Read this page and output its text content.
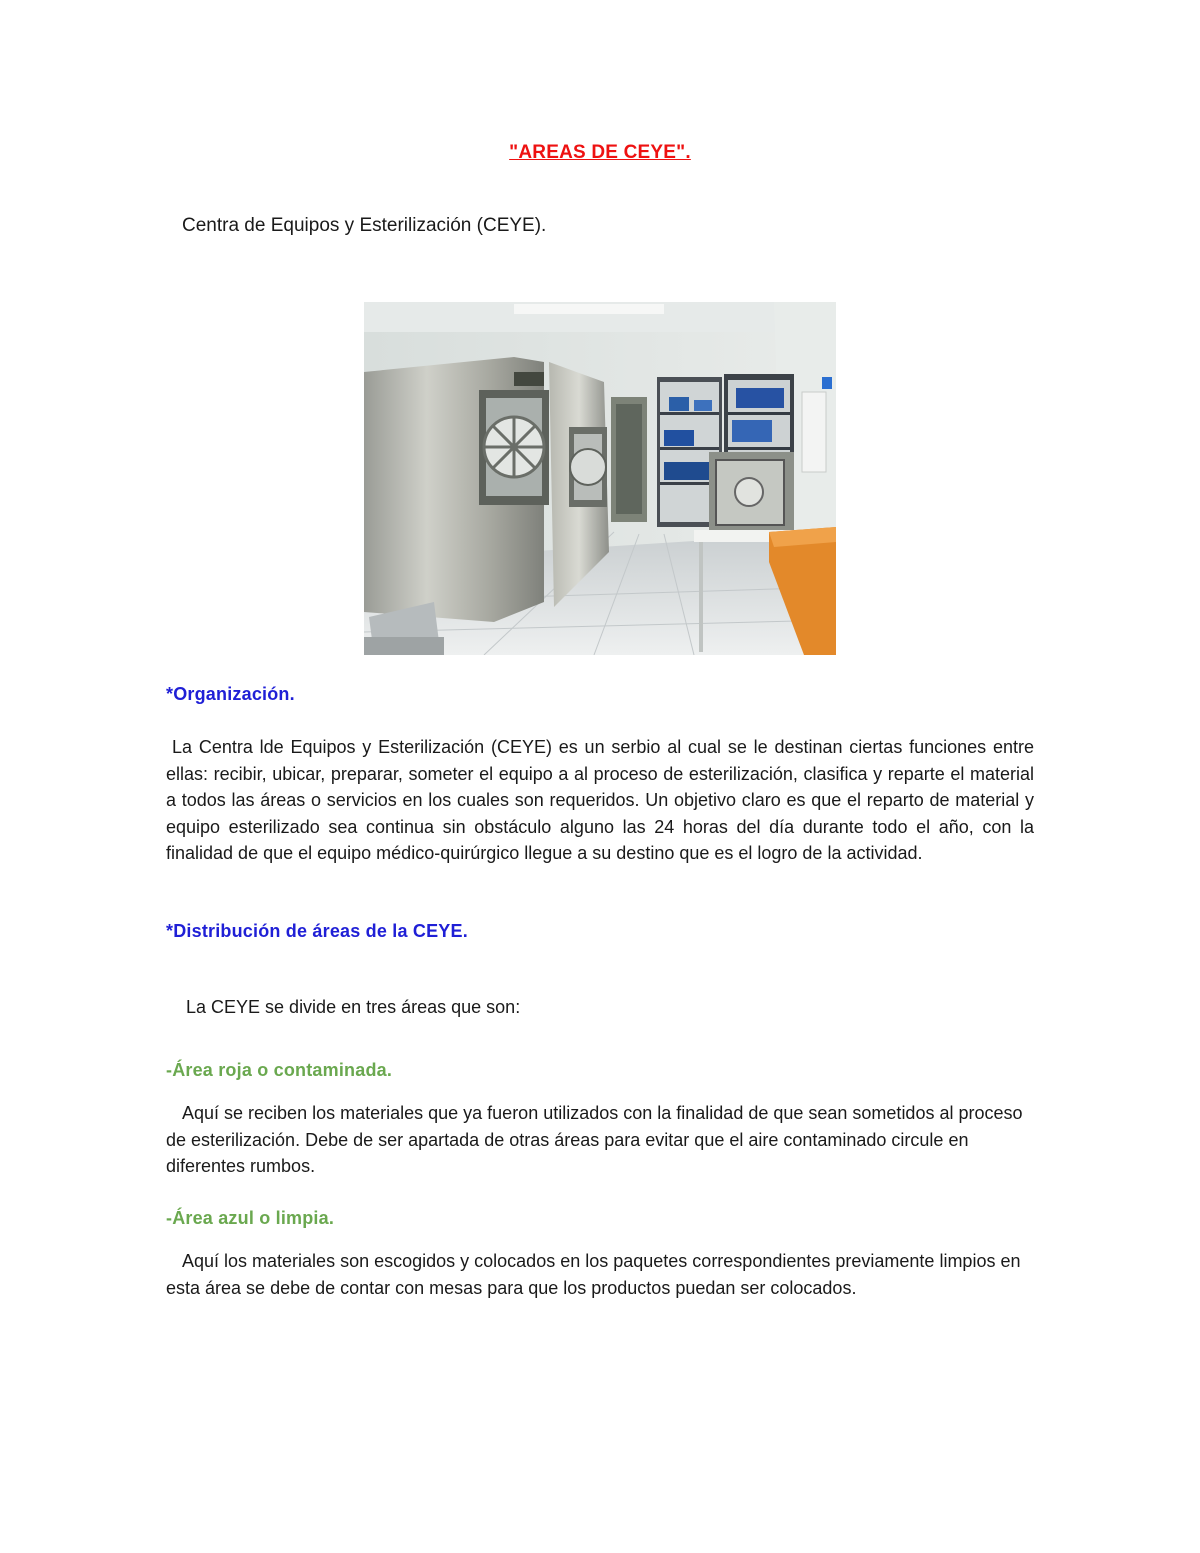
"AREAS DE CEYE".
Centra de Equipos y Esterilización (CEYE).
*Organización.
La Centra lde Equipos y Esterilización (CEYE) es un serbio al cual se le destinan ciertas funciones entre ellas: recibir, ubicar, preparar, someter el equipo a al proceso de esterilización, clasifica y reparte el material a todos las áreas o servicios en los cuales son requeridos. Un objetivo claro es que el reparto de material y equipo esterilizado sea continua sin obstáculo alguno las 24 horas del día durante todo el año, con la finalidad de que el equipo médico-quirúrgico llegue a su destino que es el logro de la actividad.
*Distribución de áreas de la CEYE.
La CEYE se divide en tres áreas que son:
-Área roja o contaminada.
Aquí se reciben los materiales que ya fueron utilizados con la finalidad de que sean sometidos al proceso de esterilización. Debe de ser apartada de otras áreas para evitar que el aire contaminado circule en diferentes rumbos.
-Área azul o limpia.
Aquí los materiales son escogidos y colocados en los paquetes correspondientes previamente limpios en esta área se debe de contar con mesas para que los productos puedan ser colocados.
